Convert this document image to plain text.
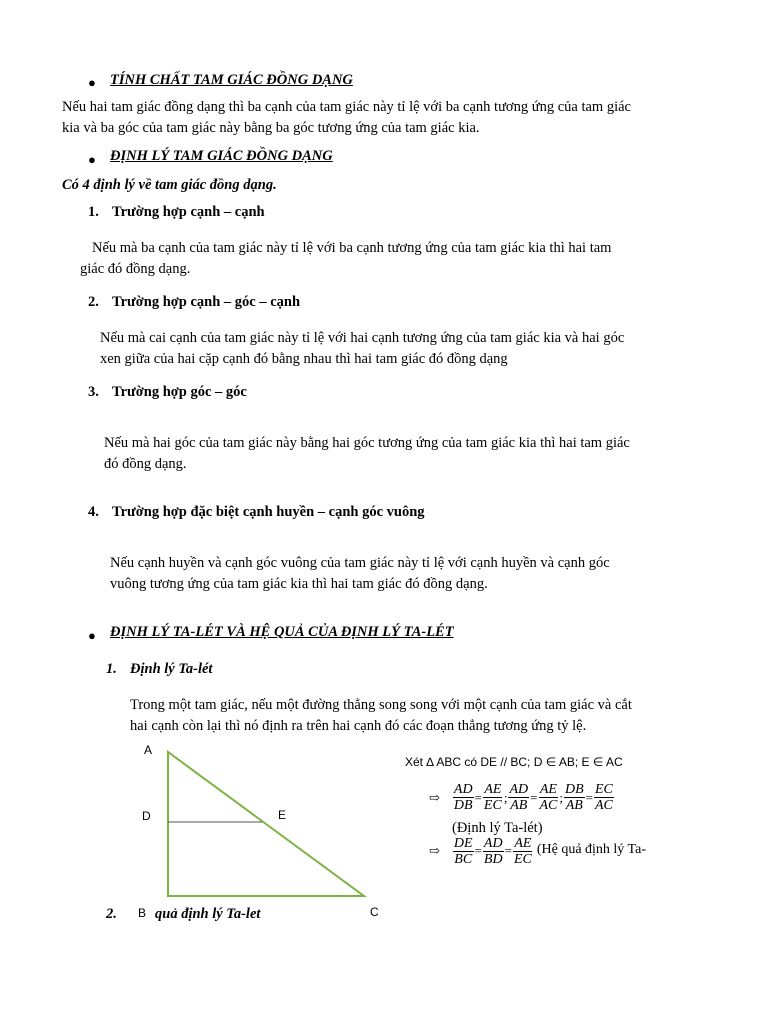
● TÍNH CHẤT TAM GIÁC ĐỒNG DẠNG
Nếu hai tam giác đồng dạng thì ba cạnh của tam giác này tỉ lệ với ba cạnh tương ứng của tam giác
kia và ba góc của tam giác này bằng ba góc tương ứng của tam giác kia.
● ĐỊNH LÝ TAM GIÁC ĐỒNG DẠNG
Có 4 định lý về tam giác đồng dạng.
1. Trường hợp cạnh – cạnh
Nếu mà ba cạnh của tam giác này tỉ lệ với ba cạnh tương ứng của tam giác kia thì hai tam
giác đó đồng dạng.
2. Trường hợp cạnh – góc – cạnh
Nếu mà cai cạnh của tam giác này tỉ lệ với hai cạnh tương ứng của tam giác kia và hai góc
xen giữa của hai cặp cạnh đó bằng nhau thì hai tam giác đó đồng dạng
3. Trường hợp góc – góc
Nếu mà hai góc của tam giác này bằng hai góc tương ứng của tam giác kia thì hai tam giác
đó đồng dạng.
4. Trường hợp đặc biệt cạnh huyền – cạnh góc vuông
Nếu cạnh huyền và cạnh góc vuông của tam giác này tỉ lệ với cạnh huyền và cạnh góc
vuông tương ứng của tam giác kia thì hai tam giác đó đồng dạng.
● ĐỊNH LÝ TA-LÉT VÀ HỆ QUẢ CỦA ĐỊNH LÝ TA-LÉT
1. Định lý Ta-lét
Trong một tam giác, nếu một đường thẳng song song với một cạnh của tam giác và cắt
hai cạnh còn lại thì nó định ra trên hai cạnh đó các đoạn thẳng tương ứng tỷ lệ.
2.	quả định lý Ta-let
A
D	E
B	C
Xét ∆ ABC có DE // BC; D ∈ AB; E ∈ AC
⇨ $\frac{AD}{DB} = \frac{AE}{EC}$ ; $\frac{AD}{AB} = \frac{AE}{AC}$ ; $\frac{DB}{AB} = \frac{EC}{AC}$
(Định lý Ta-lét)
⇨ $\frac{DE}{BC} = \frac{AD}{BD} = \frac{AE}{EC}$ (Hệ quả định lý Ta-
